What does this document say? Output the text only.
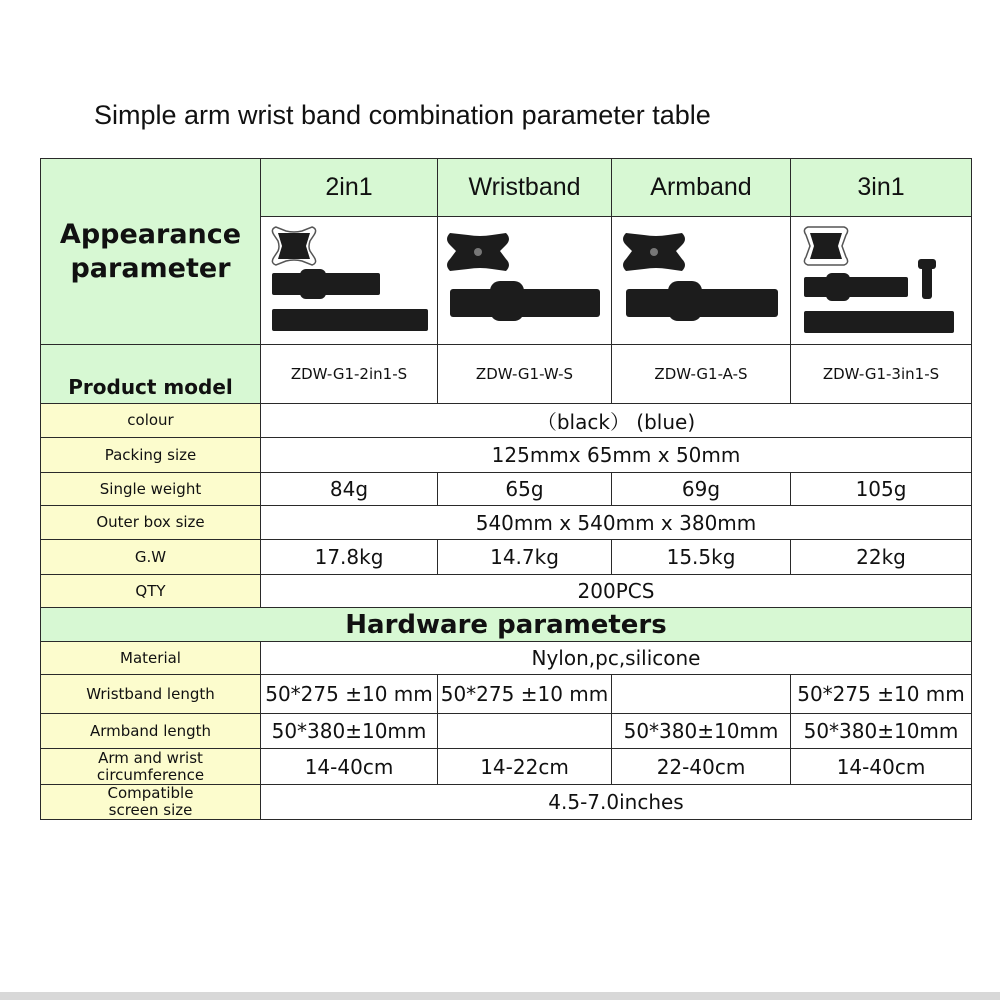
Simple arm wrist band combination parameter table
Appearance parameter	2in1	Wristband	Armband	3in1

Product model	ZDW-G1-2in1-S	ZDW-G1-W-S	ZDW-G1-A-S	ZDW-G1-3in1-S
colour	（black） (blue)			
Packing size	125mmx 65mm x 50mm			
Single weight	84g	65g	69g	105g
Outer box size	540mm x 540mm x 380mm			
G.W	17.8kg	14.7kg	15.5kg	22kg
QTY	200PCS			
Hardware parameters				
Material	Nylon,pc,silicone			
Wristband length	50*275 ±10 mm	50*275 ±10 mm		50*275 ±10 mm
Armband length	50*380±10mm		50*380±10mm	50*380±10mm
Arm and wrist
circumference	14-40cm	14-22cm	22-40cm	14-40cm
Compatible
screen size	4.5-7.0inches			
